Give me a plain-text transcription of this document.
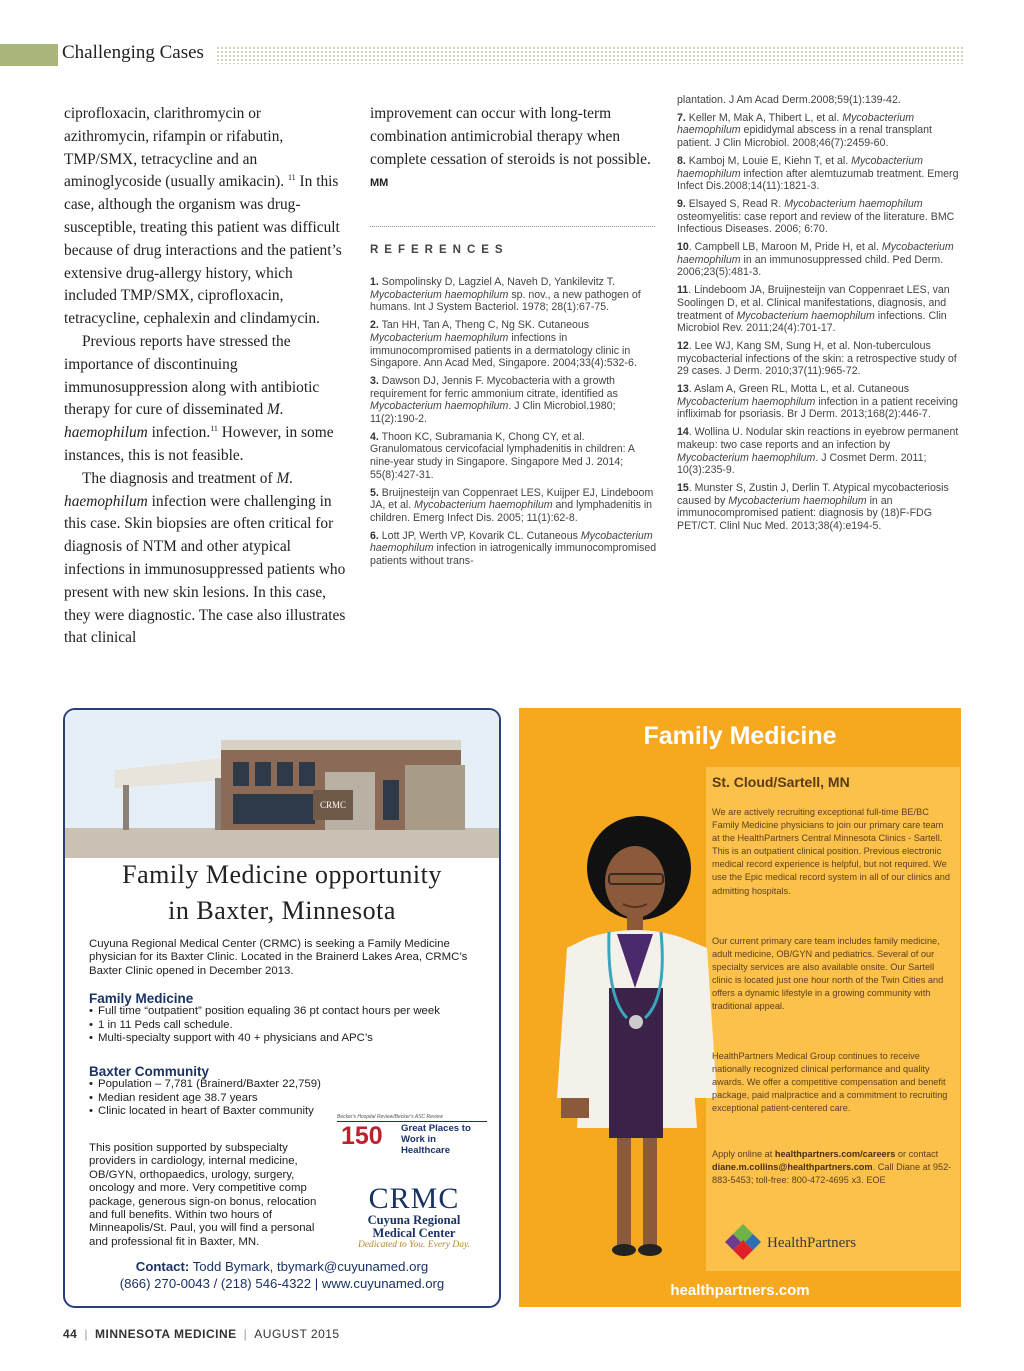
Challenging Cases

ciprofloxacin, clarithromycin or azithromycin, rifampin or rifabutin, TMP/SMX, tetracycline and an aminoglycoside (usually amikacin). $^{11}$ In this case, although the organism was drug-susceptible, treating this patient was difficult because of drug interactions and the patient’s extensive drug-allergy history, which included TMP/SMX, ciprofloxacin, tetracycline, cephalexin and clindamycin.

Previous reports have stressed the importance of discontinuing immunosuppression along with antibiotic therapy for cure of disseminated M. haemophilum infection.$^{11}$ However, in some instances, this is not feasible.

The diagnosis and treatment of M. haemophilum infection were challenging in this case. Skin biopsies are often critical for diagnosis of NTM and other atypical infections in immunosuppressed patients who present with new skin lesions. In this case, they were diagnostic. The case also illustrates that clinical

improvement can occur with long-term combination antimicrobial therapy when complete cessation of steroids is not possible. MM
REFERENCES
1. Sompolinsky D, Lagziel A, Naveh D, Yankilevitz T. Mycobacterium haemophilum sp. nov., a new pathogen of humans. Int J System Bacteriol. 1978; 28(1):67-75.
2. Tan HH, Tan A, Theng C, Ng SK. Cutaneous Mycobacterium haemophilum infections in immunocompromised patients in a dermatology clinic in Singapore. Ann Acad Med, Singapore. 2004;33(4):532-6.
3. Dawson DJ, Jennis F. Mycobacteria with a growth requirement for ferric ammonium citrate, identified as Mycobacterium haemophilum. J Clin Microbiol.1980; 11(2):190-2.
4. Thoon KC, Subramania K, Chong CY, et al. Granulomatous cervicofacial lymphadenitis in children: A nine-year study in Singapore. Singapore Med J. 2014; 55(8):427-31.
5. Bruijnesteijn van Coppenraet LES, Kuijper EJ, Lindeboom JA, et al. Mycobacterium haemophilum and lymphadenitis in children. Emerg Infect Dis. 2005; 11(1):62-8.
6. Lott JP, Werth VP, Kovarik CL. Cutaneous Mycobacterium haemophilum infection in iatrogenically immunocompromised patients without trans-
plantation. J Am Acad Derm.2008;59(1):139-42.
7. Keller M, Mak A, Thibert L, et al. Mycobacterium haemophilum epididymal abscess in a renal transplant patient. J Clin Microbiol. 2008;46(7):2459-60.
8. Kamboj M, Louie E, Kiehn T, et al. Mycobacterium haemophilum infection after alemtuzumab treatment. Emerg Infect Dis.2008;14(11):1821-3.
9. Elsayed S, Read R. Mycobacterium haemophilum osteomyelitis: case report and review of the literature. BMC Infectious Diseases. 2006; 6:70.
10. Campbell LB, Maroon M, Pride H, et al. Mycobacterium haemophilum in an immunosuppressed child. Ped Derm. 2006;23(5):481-3.
11. Lindeboom JA, Bruijnesteijn van Coppenraet LES, van Soolingen D, et al. Clinical manifestations, diagnosis, and treatment of Mycobacterium haemophilum infections. Clin Microbiol Rev. 2011;24(4):701-17.
12. Lee WJ, Kang SM, Sung H, et al. Non-tuberculous mycobacterial infections of the skin: a retrospective study of 29 cases. J Derm. 2010;37(11):965-72.
13. Aslam A, Green RL, Motta L, et al. Cutaneous Mycobacterium haemophilum infection in a patient receiving infliximab for psoriasis. Br J Derm. 2013;168(2):446-7.
14. Wollina U. Nodular skin reactions in eyebrow permanent makeup: two case reports and an infection by Mycobacterium haemophilum. J Cosmet Derm. 2011; 10(3):235-9.
15. Munster S, Zustin J, Derlin T. Atypical mycobacteriosis caused by Mycobacterium haemophilum in an immunocompromised patient: diagnosis by (18)F-FDG PET/CT. Clinl Nuc Med. 2013;38(4):e194-5.
CRMC
Family Medicine opportunity
in Baxter, Minnesota
Cuyuna Regional Medical Center (CRMC) is seeking a Family Medicine physician for its Baxter Clinic. Located in the Brainerd Lakes Area, CRMC’s Baxter Clinic opened in December 2013.
Family Medicine
• Full time “outpatient” position equaling 36 pt contact hours per week
• 1 in 11 Peds call schedule.
• Multi-specialty support with 40 + physicians and APC’s
Baxter Community
• Population – 7,781 (Brainerd/Baxter 22,759)
• Median resident age 38.7 years
• Clinic located in heart of Baxter community
This position supported by subspecialty providers in cardiology, internal medicine, OB/GYN, orthopaedics, urology, surgery, oncology and more. Very competitive comp package, generous sign-on bonus, relocation and full benefits. Within two hours of Minneapolis/St. Paul, you will find a personal and professional fit in Baxter, MN.
Becker's Hospital Review/Becker's ASC Review
150 Great Places to
Work in Healthcare
CRMC
Cuyuna Regional
Medical Center
Dedicated to You. Every Day.
Contact: Todd Bymark, tbymark@cuyunamed.org
(866) 270-0043 / (218) 546-4322 | www.cuyunamed.org
Family Medicine
St. Cloud/Sartell, MN
We are actively recruiting exceptional full-time BE/BC Family Medicine physicians to join our primary care team at the HealthPartners Central Minnesota Clinics - Sartell. This is an outpatient clinical position. Previous electronic medical record experience is helpful, but not required. We use the Epic medical record system in all of our clinics and admitting hospitals.
Our current primary care team includes family medicine, adult medicine, OB/GYN and pediatrics. Several of our specialty services are also available onsite. Our Sartell clinic is located just one hour north of the Twin Cities and offers a dynamic lifestyle in a growing community with traditional appeal.
HealthPartners Medical Group continues to receive nationally recognized clinical performance and quality awards. We offer a competitive compensation and benefit package, paid malpractice and a commitment to recruiting exceptional patient-centered care.
Apply online at healthpartners.com/careers or contact diane.m.collins@healthpartners.com. Call Diane at 952-883-5453; toll-free: 800-472-4695 x3. EOE
HealthPartners
healthpartners.com
44 | MINNESOTA MEDICINE | AUGUST 2015
